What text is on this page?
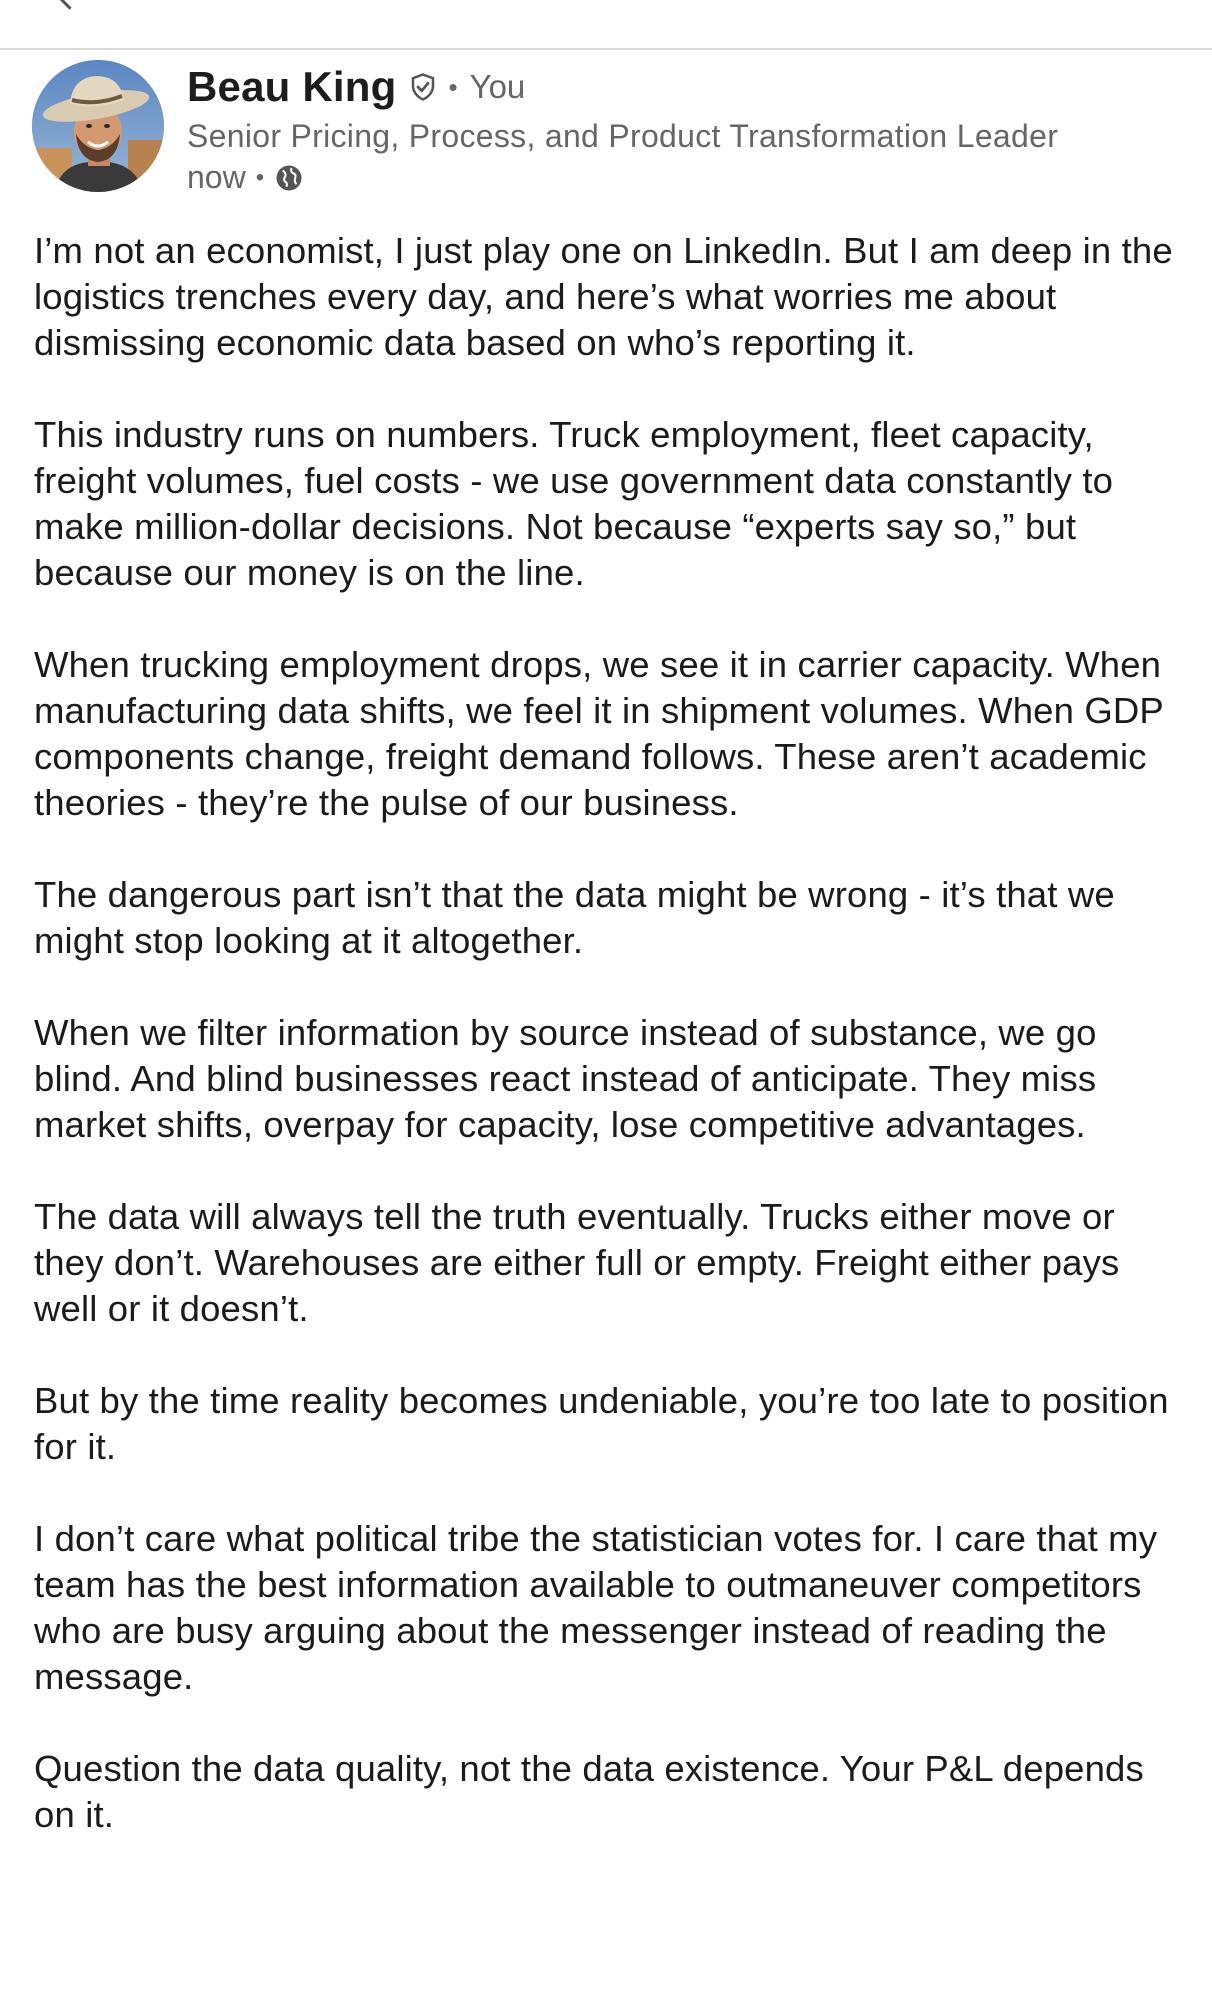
Beau King • You
Senior Pricing, Process, and Product Transformation Leader
now •

I’m not an economist, I just play one on LinkedIn. But I am deep in the logistics trenches every day, and here’s what worries me about dismissing economic data based on who’s reporting it.

This industry runs on numbers. Truck employment, fleet capacity, freight volumes, fuel costs - we use government data constantly to make million-dollar decisions. Not because “experts say so,” but because our money is on the line.

When trucking employment drops, we see it in carrier capacity. When manufacturing data shifts, we feel it in shipment volumes. When GDP components change, freight demand follows. These aren’t academic theories - they’re the pulse of our business.

The dangerous part isn’t that the data might be wrong - it’s that we might stop looking at it altogether.

When we filter information by source instead of substance, we go blind. And blind businesses react instead of anticipate. They miss market shifts, overpay for capacity, lose competitive advantages.

The data will always tell the truth eventually. Trucks either move or they don’t. Warehouses are either full or empty. Freight either pays well or it doesn’t.

But by the time reality becomes undeniable, you’re too late to position for it.

I don’t care what political tribe the statistician votes for. I care that my team has the best information available to outmaneuver competitors who are busy arguing about the messenger instead of reading the message.

Question the data quality, not the data existence. Your P&L depends on it.
